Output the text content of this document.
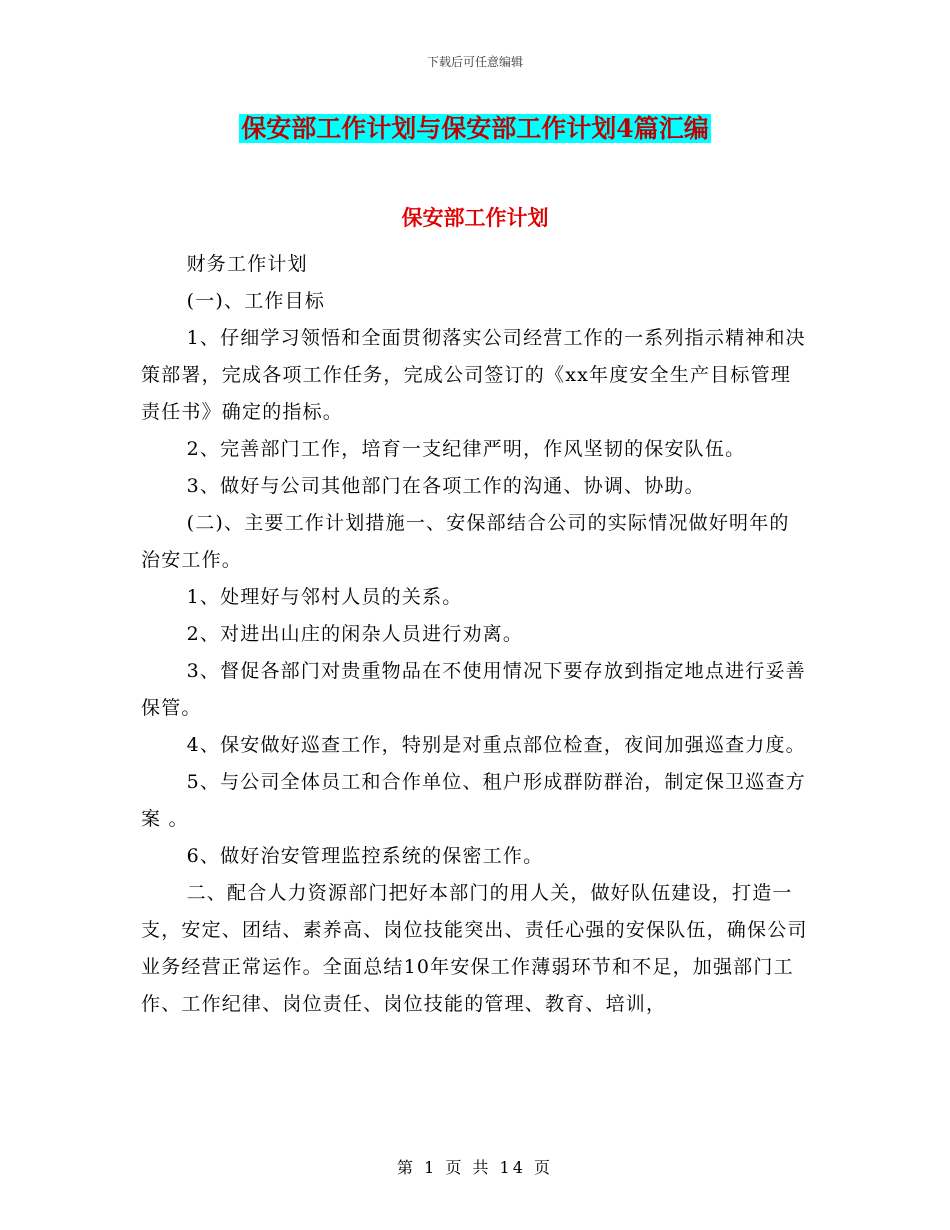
下载后可任意编辑
保安部工作计划与保安部工作计划4篇汇编
保安部工作计划

财务工作计划

(一)、工作目标

1、仔细学习领悟和全面贯彻落实公司经营工作的一系列指示精神和决策部署，完成各项工作任务，完成公司签订的《xx年度安全生产目标管理责任书》确定的指标。

2、完善部门工作，培育一支纪律严明，作风坚韧的保安队伍。

3、做好与公司其他部门在各项工作的沟通、协调、协助。

(二)、主要工作计划措施一、安保部结合公司的实际情况做好明年的治安工作。

1、处理好与邻村人员的关系。

2、对进出山庄的闲杂人员进行劝离。

3、督促各部门对贵重物品在不使用情况下要存放到指定地点进行妥善保管。

4、保安做好巡查工作，特别是对重点部位检查，夜间加强巡查力度。

5、与公司全体员工和合作单位、租户形成群防群治，制定保卫巡查方案 。

6、做好治安管理监控系统的保密工作。

二、配合人力资源部门把好本部门的用人关，做好队伍建设，打造一支，安定、团结、素养高、岗位技能突出、责任心强的安保队伍，确保公司业务经营正常运作。全面总结10年安保工作薄弱环节和不足，加强部门工作、工作纪律、岗位责任、岗位技能的管理、教育、培训，

第 1 页 共 14 页
